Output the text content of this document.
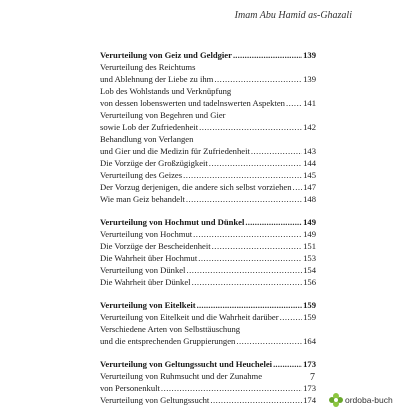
Imam Abu Hamid as-Ghazali
Verurteilung von Geiz und Geldgier .....	139
Verurteilung des Reichtums
und Ablehnung der Liebe zu ihm .....	139
Lob des Wohlstands und Verknüpfung
von dessen lobenswerten und tadelnswerten Aspekten ..... 141
Verurteilung von Begehren und Gier
sowie Lob der Zufriedenheit .....	142
Behandlung von Verlangen
und Gier und die Medizin für Zufriedenheit .....	143
Die Vorzüge der Großzügigkeit .....	144
Verurteilung des Geizes .....	145
Der Vorzug derjenigen, die andere sich selbst vorziehen ..... 147
Wie man Geiz behandelt .....	148
Verurteilung von Hochmut und Dünkel .....	149
Verurteilung von Hochmut .....	149
Die Vorzüge der Bescheidenheit .....	151
Die Wahrheit über Hochmut .....	153
Verurteilung von Dünkel .....	154
Die Wahrheit über Dünkel .....	156
Verurteilung von Eitelkeit .....	159
Verurteilung von Eitelkeit und die Wahrheit darüber .....	159
Verschiedene Arten von Selbsttäuschung
und die entsprechenden Gruppierungen .....	164
Verurteilung von Geltungssucht und Heuchelei .....	173
Verurteilung von Ruhmsucht und der Zunahme
von Personenkult .....	173
Verurteilung von Geltungssucht .....	174
7
ordoba-buch
